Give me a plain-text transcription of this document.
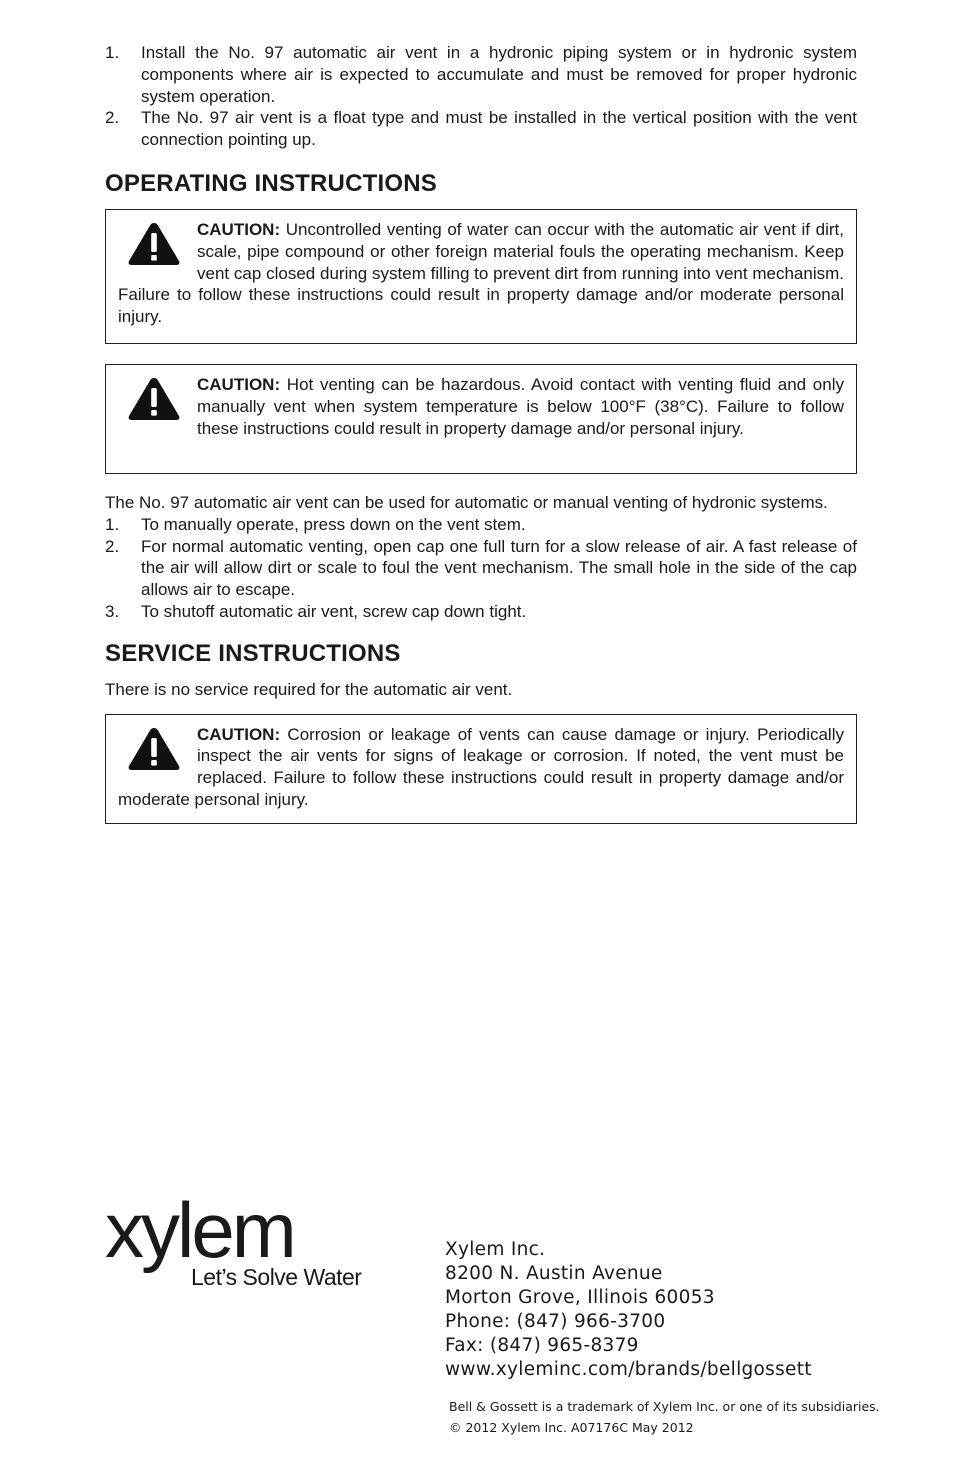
1. Install the No. 97 automatic air vent in a hydronic piping system or in hydronic system components where air is expected to accumulate and must be removed for proper hydronic system operation.
2. The No. 97 air vent is a float type and must be installed in the vertical position with the vent connection pointing up.
OPERATING INSTRUCTIONS
CAUTION: Uncontrolled venting of water can occur with the automatic air vent if dirt, scale, pipe compound or other foreign material fouls the operating mechanism. Keep vent cap closed during system filling to prevent dirt from running into vent mechanism. Failure to follow these instructions could result in property damage and/or moderate personal injury.
CAUTION: Hot venting can be hazardous. Avoid contact with venting fluid and only manually vent when system temperature is below 100°F (38°C). Failure to follow these instructions could result in property damage and/or personal injury.

The No. 97 automatic air vent can be used for automatic or manual venting of hydronic systems.

1. To manually operate, press down on the vent stem.
2. For normal automatic venting, open cap one full turn for a slow release of air. A fast release of the air will allow dirt or scale to foul the vent mechanism. The small hole in the side of the cap allows air to escape.
3. To shutoff automatic air vent, screw cap down tight.
SERVICE INSTRUCTIONS

There is no service required for the automatic air vent.

CAUTION: Corrosion or leakage of vents can cause damage or injury. Periodically inspect the air vents for signs of leakage or corrosion. If noted, the vent must be replaced. Failure to follow these instructions could result in property damage and/or moderate personal injury.
xylem
Let’s Solve Water
Xylem Inc.
8200 N. Austin Avenue
Morton Grove, Illinois 60053
Phone: (847) 966-3700
Fax: (847) 965-8379
www.xyleminc.com/brands/bellgossett
Bell & Gossett is a trademark of Xylem Inc. or one of its subsidiaries.
© 2012 Xylem Inc. A07176C May 2012
